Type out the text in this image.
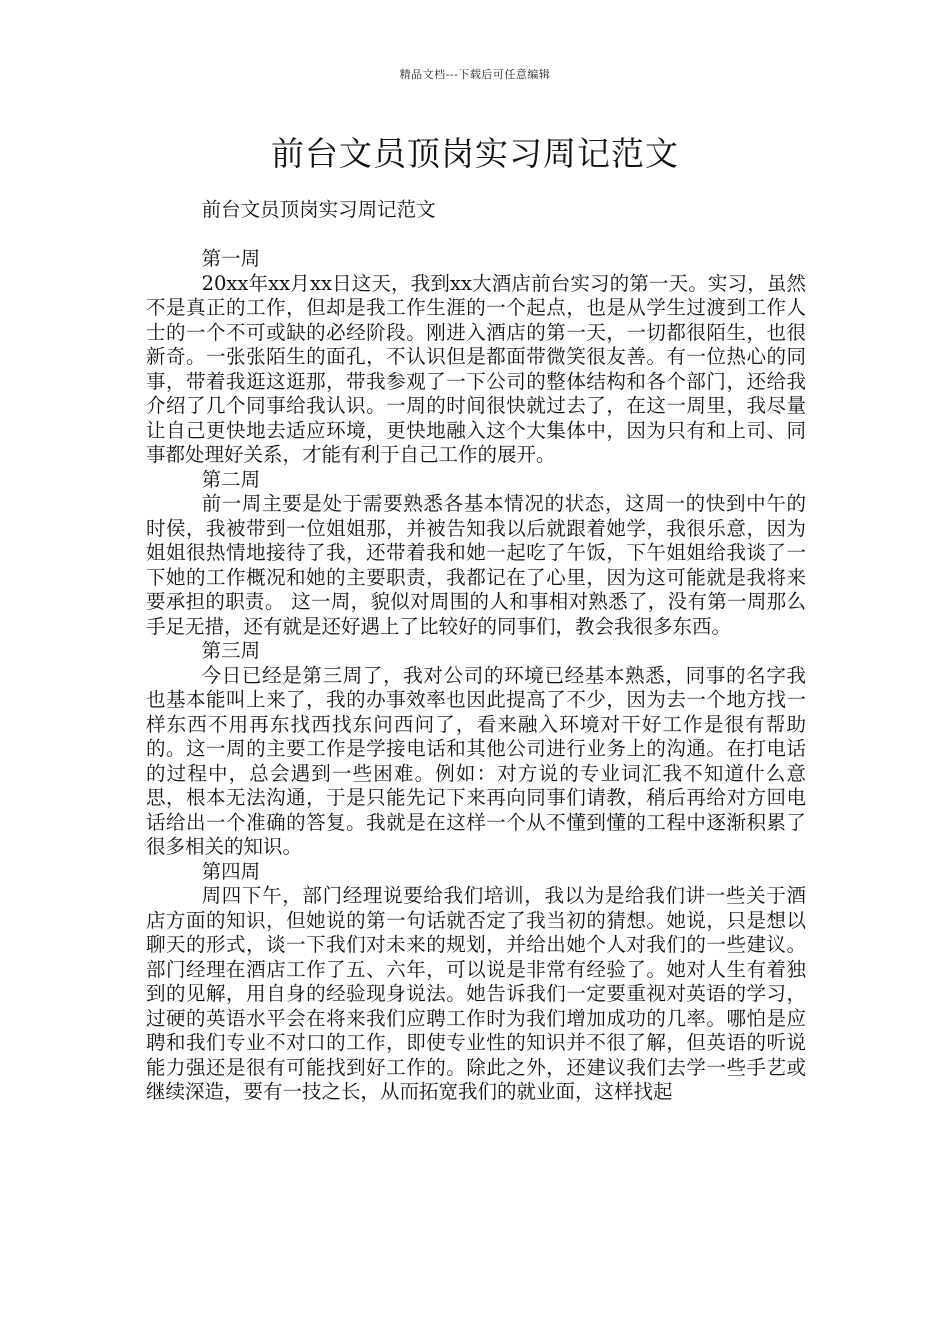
精品文档---下载后可任意编辑
前台文员顶岗实习周记范文
前台文员顶岗实习周记范文
第一周

20xx年xx月xx日这天，我到xx大酒店前台实习的第一天。实习，虽然不是真正的工作，但却是我工作生涯的一个起点，也是从学生过渡到工作人士的一个不可或缺的必经阶段。刚进入酒店的第一天，一切都很陌生，也很新奇。一张张陌生的面孔，不认识但是都面带微笑很友善。有一位热心的同事，带着我逛这逛那，带我参观了一下公司的整体结构和各个部门，还给我介绍了几个同事给我认识。一周的时间很快就过去了，在这一周里，我尽量让自己更快地去适应环境，更快地融入这个大集体中，因为只有和上司、同事都处理好关系，才能有利于自己工作的展开。

第二周

前一周主要是处于需要熟悉各基本情况的状态，这周一的快到中午的时侯，我被带到一位姐姐那，并被告知我以后就跟着她学，我很乐意，因为姐姐很热情地接待了我，还带着我和她一起吃了午饭，下午姐姐给我谈了一下她的工作概况和她的主要职责，我都记在了心里，因为这可能就是我将来要承担的职责。 这一周，貌似对周围的人和事相对熟悉了，没有第一周那么手足无措，还有就是还好遇上了比较好的同事们，教会我很多东西。

第三周

今日已经是第三周了，我对公司的环境已经基本熟悉，同事的名字我也基本能叫上来了，我的办事效率也因此提高了不少，因为去一个地方找一样东西不用再东找西找东问西问了，看来融入环境对干好工作是很有帮助的。这一周的主要工作是学接电话和其他公司进行业务上的沟通。在打电话的过程中，总会遇到一些困难。例如：对方说的专业词汇我不知道什么意思，根本无法沟通，于是只能先记下来再向同事们请教，稍后再给对方回电话给出一个准确的答复。我就是在这样一个从不懂到懂的工程中逐渐积累了很多相关的知识。

第四周

周四下午，部门经理说要给我们培训，我以为是给我们讲一些关于酒店方面的知识，但她说的第一句话就否定了我当初的猜想。她说，只是想以聊天的形式，谈一下我们对未来的规划，并给出她个人对我们的一些建议。部门经理在酒店工作了五、六年，可以说是非常有经验了。她对人生有着独到的见解，用自身的经验现身说法。她告诉我们一定要重视对英语的学习，过硬的英语水平会在将来我们应聘工作时为我们增加成功的几率。哪怕是应聘和我们专业不对口的工作，即使专业性的知识并不很了解，但英语的听说能力强还是很有可能找到好工作的。除此之外，还建议我们去学一些手艺或继续深造，要有一技之长，从而拓宽我们的就业面，这样找起
